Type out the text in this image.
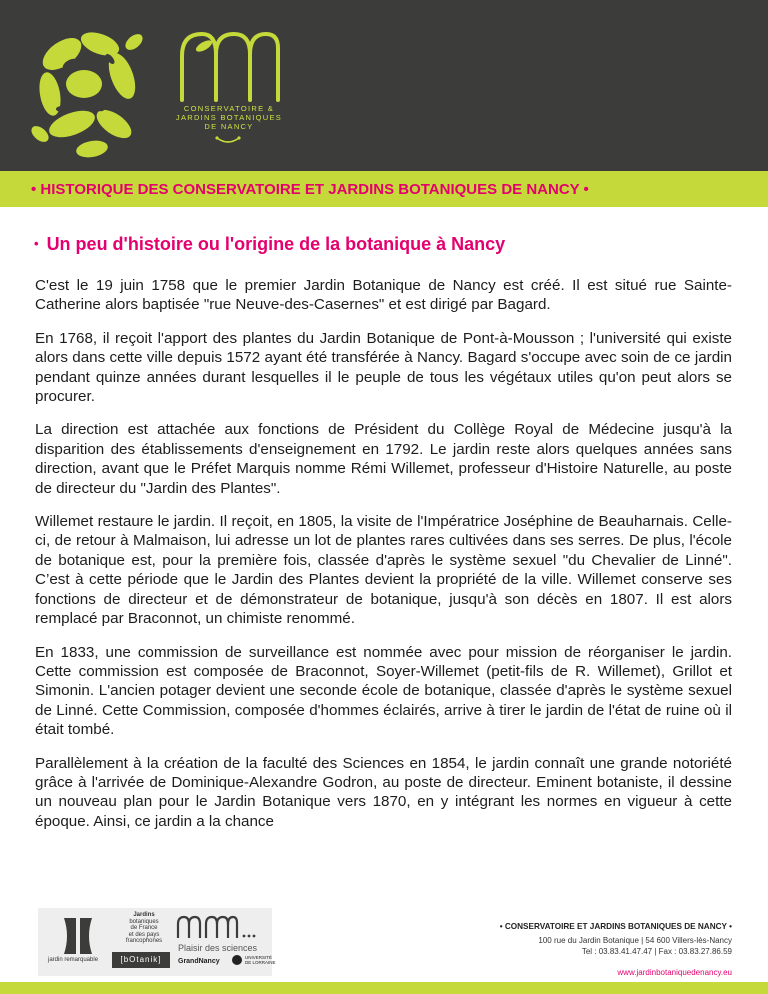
CONSERVATOIRE &
JARDINS BOTANIQUES
DE NANCY
• HISTORIQUE DES CONSERVATOIRE ET JARDINS BOTANIQUES DE NANCY •
• Un peu d'histoire ou l'origine de la botanique à Nancy

C'est le 19 juin 1758 que le premier Jardin Botanique de Nancy est créé. Il est situé rue Sainte-Catherine alors baptisée "rue Neuve-des-Casernes" et est dirigé par Bagard.

En 1768, il reçoit l'apport des plantes du Jardin Botanique de Pont-à-Mousson ; l'université qui existe alors dans cette ville depuis 1572 ayant été transférée à Nancy. Bagard s'occupe avec soin de ce jardin pendant quinze années durant lesquelles il le peuple de tous les végétaux utiles qu'on peut alors se procurer.

La direction est attachée aux fonctions de Président du Collège Royal de Médecine jusqu'à la disparition des établissements d'enseignement en 1792. Le jardin reste alors quelques années sans direction, avant que le Préfet Marquis nomme Rémi Willemet, professeur d'Histoire Naturelle, au poste de directeur du "Jardin des Plantes".

Willemet restaure le jardin. Il reçoit, en 1805, la visite de l'Impératrice Joséphine de Beauharnais. Celle-ci, de retour à Malmaison, lui adresse un lot de plantes rares cultivées dans ses serres. De plus, l'école de botanique est, pour la première fois, classée d'après le système sexuel "du Chevalier de Linné". C’est à cette période que le Jardin des Plantes devient la propriété de la ville. Willemet conserve ses fonctions de directeur et de démonstrateur de botanique, jusqu'à son décès en 1807. Il est alors remplacé par Braconnot, un chimiste renommé.

En 1833, une commission de surveillance est nommée avec pour mission de réorganiser le jardin. Cette commission est composée de Braconnot, Soyer-Willemet (petit-fils de R. Willemet), Grillot et Simonin. L'ancien potager devient une seconde école de botanique, classée d'après le système sexuel de Linné. Cette Commission, composée d'hommes éclairés, arrive à tirer le jardin de l'état de ruine où il était tombé.

Parallèlement à la création de la faculté des Sciences en 1854, le jardin connaît une grande notoriété grâce à l'arrivée de Dominique-Alexandre Godron, au poste de directeur. Eminent botaniste, il dessine un nouveau plan pour le Jardin Botanique vers 1870, en y intégrant les normes en vigueur à cette époque. Ainsi, ce jardin a la chance

jardin remarquable
Jardins
botaniques
de France
et des pays
francophones
[bOtanik]
Plaisir des sciences
GrandNancy
UNIVERSITÉ
DE LORRAINE
• CONSERVATOIRE ET JARDINS BOTANIQUES DE NANCY •
100 rue du Jardin Botanique | 54 600 Villers-lès-Nancy
Tel : 03.83.41.47.47 | Fax : 03.83.27.86.59
www.jardinbotaniquedenancy.eu
